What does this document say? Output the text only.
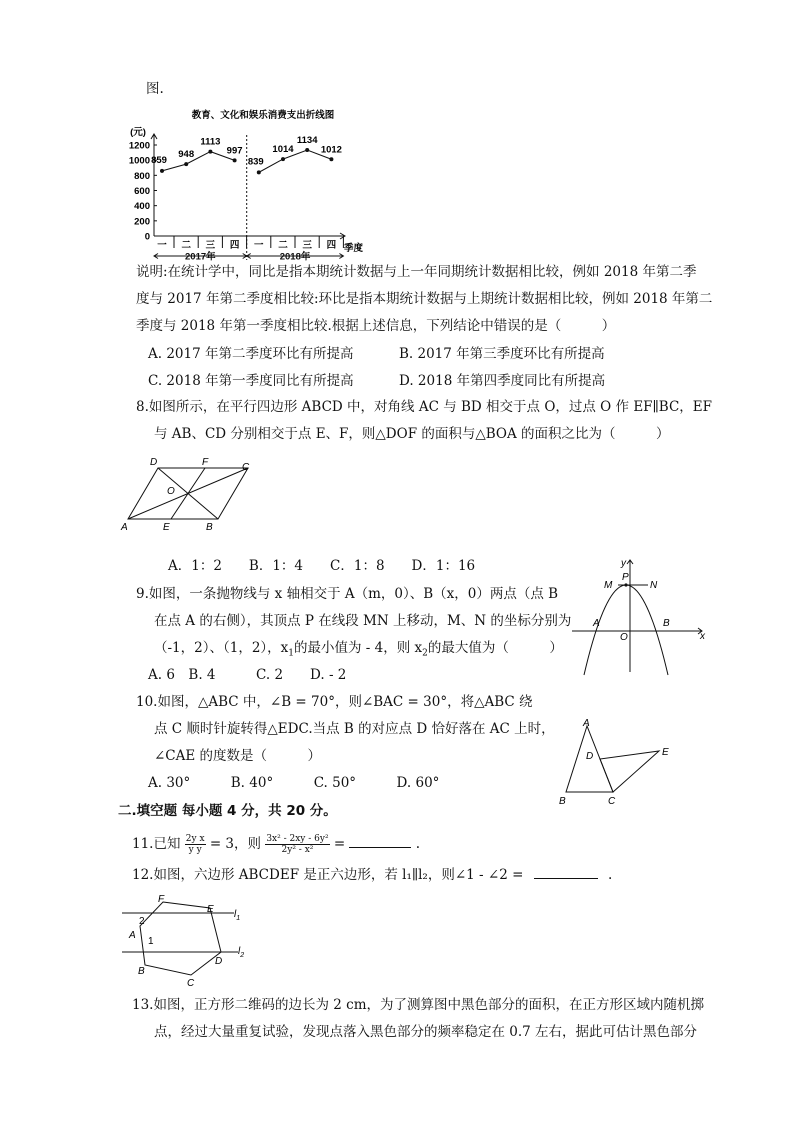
图.
教育、文化和娱乐消费支出折线图
(元)
0
200
400
600
800
1000
1200
一 二 三 四 一 二 三 四
2017年	2018年
859
948
1113
997
839
1014
1134
1012
季度
说明:在统计学中，同比是指本期统计数据与上一年同期统计数据相比较，例如 2018 年第二季
度与 2017 年第二季度相比较:环比是指本期统计数据与上期统计数据相比较，例如 2018 年第二
季度与 2018 年第一季度相比较.根据上述信息，下列结论中错误的是（　　　）
A. 2017 年第二季度环比有所提高	B. 2017 年第三季度环比有所提高
C. 2018 年第一季度同比有所提高	D. 2018 年第四季度同比有所提高
8.如图所示，在平行四边形 ABCD 中，对角线 AC 与 BD 相交于点 O，过点 O 作 EF∥BC，EF
与 AB、CD 分别相交于点 E、F，则△DOF 的面积与△BOA 的面积之比为（　　　）
D	F	C
O
A	E	B
A．1：2　　B．1：4　　C．1：8　　D．1：16
9.如图，一条抛物线与 x 轴相交于 A（m，0）、B（x，0）两点（点 B
在点 A 的右侧），其顶点 P 在线段 MN 上移动，M、N 的坐标分别为
（-1，2）、（1，2），$x_1$的最小值为 - 4，则 $x_2$的最大值为（　　　）
A. 6　B. 4　　　C. 2　　D. - 2
y
P
M	N
A	B
O	x
10.如图，△ABC 中，∠B = 70°，则∠BAC = 30°，将△ABC 绕
点 C 顺时针旋转得△EDC.当点 B 的对应点 D 恰好落在 AC 上时，
∠CAE 的度数是（　　　）
A. 30°　　　B. 40°　　　C. 50°　　　D. 60°
A
D	E
B	C
二.填空题 每小题 4 分，共 20 分。
11.已知 $\frac{\text{2y x}}{\text{y y}} = 3$，则 $\frac{\text{3x² - 2xy - 6y²}}{\text{2y² - x²}}$ =	.
12.如图，六边形 ABCDEF 是正六边形，若 l₁∥l₂，则∠1 - ∠2 =	.
F
E $l_1$
2
A
1
$l_2$
D
B
C
13.如图，正方形二维码的边长为 2 cm，为了测算图中黑色部分的面积，在正方形区域内随机掷
点，经过大量重复试验，发现点落入黑色部分的频率稳定在 0.7 左右，据此可估计黑色部分
